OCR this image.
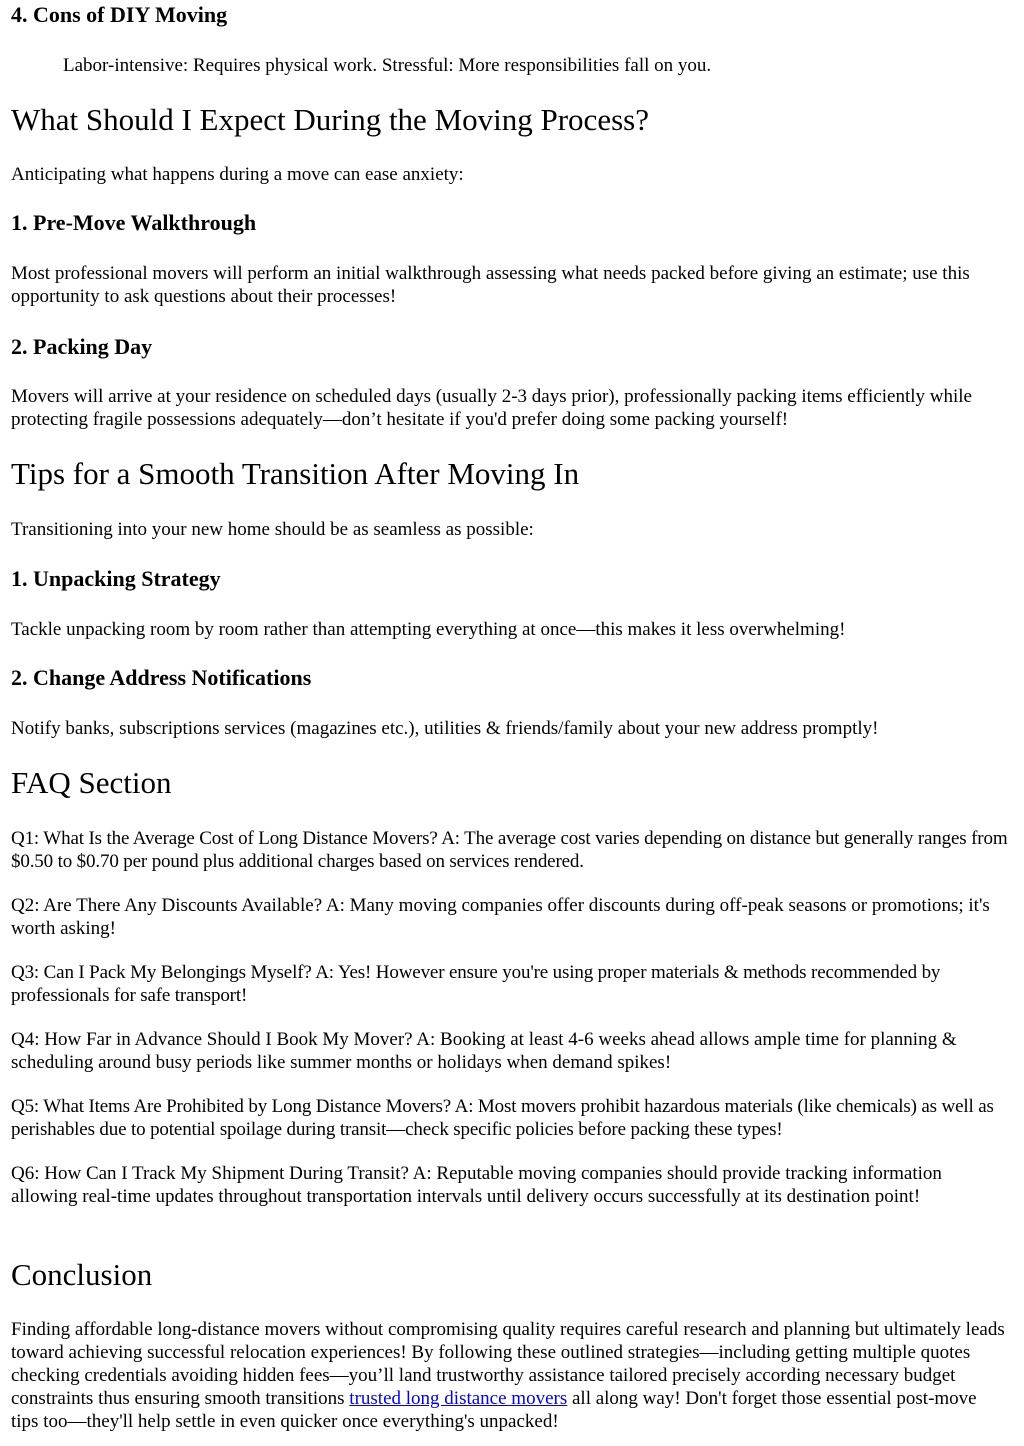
4. Cons of DIY Moving

Labor-intensive: Requires physical work. Stressful: More responsibilities fall on you.

What Should I Expect During the Moving Process?

Anticipating what happens during a move can ease anxiety:

1. Pre-Move Walkthrough

Most professional movers will perform an initial walkthrough assessing what needs packed before giving an estimate; use this opportunity to ask questions about their processes!

2. Packing Day

Movers will arrive at your residence on scheduled days (usually 2-3 days prior), professionally packing items efficiently while protecting fragile possessions adequately—don’t hesitate if you'd prefer doing some packing yourself!

Tips for a Smooth Transition After Moving In

Transitioning into your new home should be as seamless as possible:

1. Unpacking Strategy

Tackle unpacking room by room rather than attempting everything at once—this makes it less overwhelming!

2. Change Address Notifications

Notify banks, subscriptions services (magazines etc.), utilities & friends/family about your new address promptly!

FAQ Section

Q1: What Is the Average Cost of Long Distance Movers? A: The average cost varies depending on distance but generally ranges from $0.50 to $0.70 per pound plus additional charges based on services rendered.

Q2: Are There Any Discounts Available? A: Many moving companies offer discounts during off-peak seasons or promotions; it's worth asking!

Q3: Can I Pack My Belongings Myself? A: Yes! However ensure you're using proper materials & methods recommended by professionals for safe transport!

Q4: How Far in Advance Should I Book My Mover? A: Booking at least 4-6 weeks ahead allows ample time for planning & scheduling around busy periods like summer months or holidays when demand spikes!

Q5: What Items Are Prohibited by Long Distance Movers? A: Most movers prohibit hazardous materials (like chemicals) as well as perishables due to potential spoilage during transit—check specific policies before packing these types!

Q6: How Can I Track My Shipment During Transit? A: Reputable moving companies should provide tracking information allowing real-time updates throughout transportation intervals until delivery occurs successfully at its destination point!

Conclusion

Finding affordable long-distance movers without compromising quality requires careful research and planning but ultimately leads toward achieving successful relocation experiences! By following these outlined strategies—including getting multiple quotes checking credentials avoiding hidden fees—you’ll land trustworthy assistance tailored precisely according necessary budget constraints thus ensuring smooth transitions trusted long distance movers all along way! Don't forget those essential post-move tips too—they'll help settle in even quicker once everything's unpacked!
